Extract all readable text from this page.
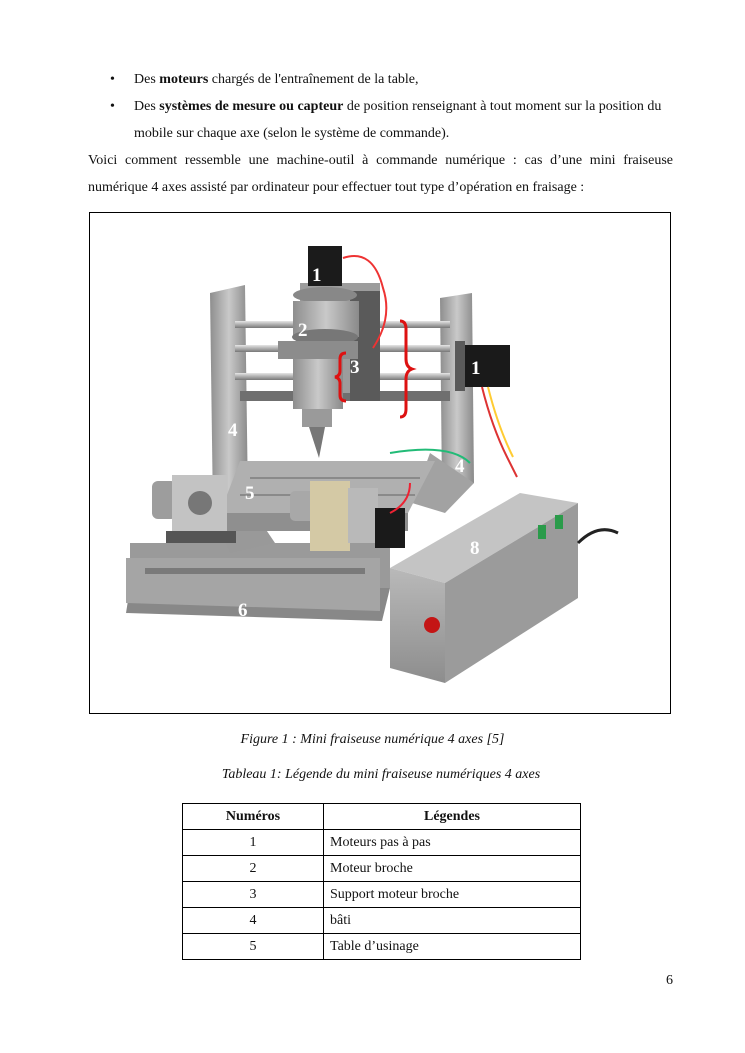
• Des moteurs chargés de l'entraînement de la table,
• Des systèmes de mesure ou capteur de position renseignant à tout moment sur la position du mobile sur chaque axe (selon le système de commande).

Voici comment ressemble une machine-outil à commande numérique : cas d’une mini fraiseuse numérique 4 axes assisté par ordinateur pour effectuer tout type d’opération en fraisage :

1
2
3
4
4
5
6
7
8
9 1
Figure 1 : Mini fraiseuse numérique 4 axes [5]
Tableau 1: Légende du mini fraiseuse numériques 4 axes
Numéros	Légendes
1	Moteurs pas à pas
2	Moteur broche
3	Support moteur broche
4	bâti
5	Table d’usinage
6
